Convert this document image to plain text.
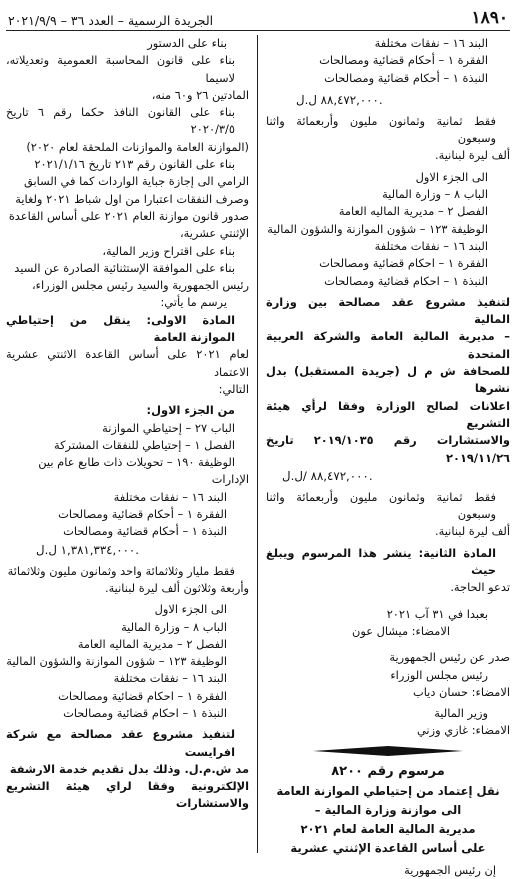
١٨٩٠
الجريدة الرسمية – العدد ٣٦ – ٢٠٢١/٩/٩

البند ١٦ – نفقات مختلفة

الفقرة ١ – أحكام قضائية ومصالحات

النبذة ١ – أحكام قضائية ومصالحات

٨٨,٤٧٢,٠٠٠ ل.ل.

فقط ثمانية وثمانون مليون وأربعمائة واثنا وسبعون

ألف ليرة لبنانية.

الى الجزء الاول

الباب ٨ – وزارة المالية

الفصل ٢ – مديرية الماليه العامة

الوظيفة ١٢٣ – شؤون الموازنة والشؤون المالية

البند ١٦ – نفقات مختلفة

الفقرة ١ – احكام قضائية ومصالحات

النبذة ١ – احكام قضائية ومصالحات

لتنفيذ مشروع عقد مصالحة بين وزارة المالية

– مديرية المالية العامة والشركة العربية المتحدة

للصحافة ش م ل (جريدة المستقبل) بدل نشرها

اعلانات لصالح الوزارة وفقا لرأي هيئة التشريع

والاستشارات رقم ٢٠١٩/١٠٣٥ تاريخ ٢٠١٩/١١/٢٦

٨٨,٤٧٢,٠٠٠ /ل.ل.

فقط ثمانية وثمانون مليون وأربعمائة واثنا وسبعون

ألف ليرة لبنانية.

المادة الثانية: ينشر هذا المرسوم ويبلغ حيث

تدعو الحاجة.

بعبدا في ٣١ آب ٢٠٢١

الامضاء: ميشال عون

صدر عن رئيس الجمهورية

رئيس مجلس الوزراء

الامضاء: حسان دياب

وزير المالية

الامضاء: غازي وزني

مرسوم رقم ٨٢٠٠

نقل إعتماد من إحتياطي الموازنة العامة

الى موازنة وزارة المالية –

مديرية المالية العامة لعام ٢٠٢١

على أساس القاعدة الإثنتي عشرية

إن رئيس الجمهورية

بناء على الدستور

بناء على قانون المحاسبة العمومية وتعديلاته، لاسيما

المادتين ٢٦ و٦٠ منه،

بناء على القانون النافذ حكما رقم ٦ تاريخ ٢٠٢٠/٣/٥

(الموازنة العامة والموازنات الملحقة لعام ٢٠٢٠)

بناء على القانون رقم ٢١٣ تاريخ ٢٠٢١/١/١٦

الرامي الى إجازة جباية الواردات كما في السابق

وصرف النفقات اعتبارا من اول شباط ٢٠٢١ ولغاية

صدور قانون موازنة العام ٢٠٢١ على أساس القاعدة

الإثنتي عشرية،

بناء على اقتراح وزير المالية،

بناء على الموافقة الإستثنائية الصادرة عن السيد

رئيس الجمهورية والسيد رئيس مجلس الوزراء،

يرسم ما يأتي:

المادة الاولى: ينقل من إحتياطي الموازنة العامة

لعام ٢٠٢١ على أساس القاعدة الاثنتي عشرية الاعتماد

التالي:

من الجزء الاول:

الباب ٢٧ – إحتياطي الموازنة

الفصل ١ – إحتياطي للنفقات المشتركة

الوظيفة ١٩٠ – تحويلات ذات طابع عام بين

الإدارات

البند ١٦ – نفقات مختلفة

الفقرة ١ – أحكام قضائية ومصالحات

النبذة ١ – أحكام قضائية ومصالحات

١,٣٨١,٣٣٤,٠٠٠ ل.ل.

فقط مليار وثلاثمائة واحد وثمانون مليون وثلاثمائة

وأربعة وثلاثون ألف ليرة لبنانية.

الى الجزء الاول

الباب ٨ – وزارة المالية

الفصل ٢ – مديرية الماليه العامة

الوظيفة ١٢٣ – شؤون الموازنة والشؤون المالية

البند ١٦ – نفقات مختلفة

الفقرة ١ – احكام قضائية ومصالحات

النبذة ١ – احكام قضائية ومصالحات

لتنفيذ مشروع عقد مصالحة مع شركة افرايست

مد ش.م.ل. وذلك بدل تقديم خدمة الارشفة

الإلكترونية وفقا لراي هيئة التشريع والاستشارات
